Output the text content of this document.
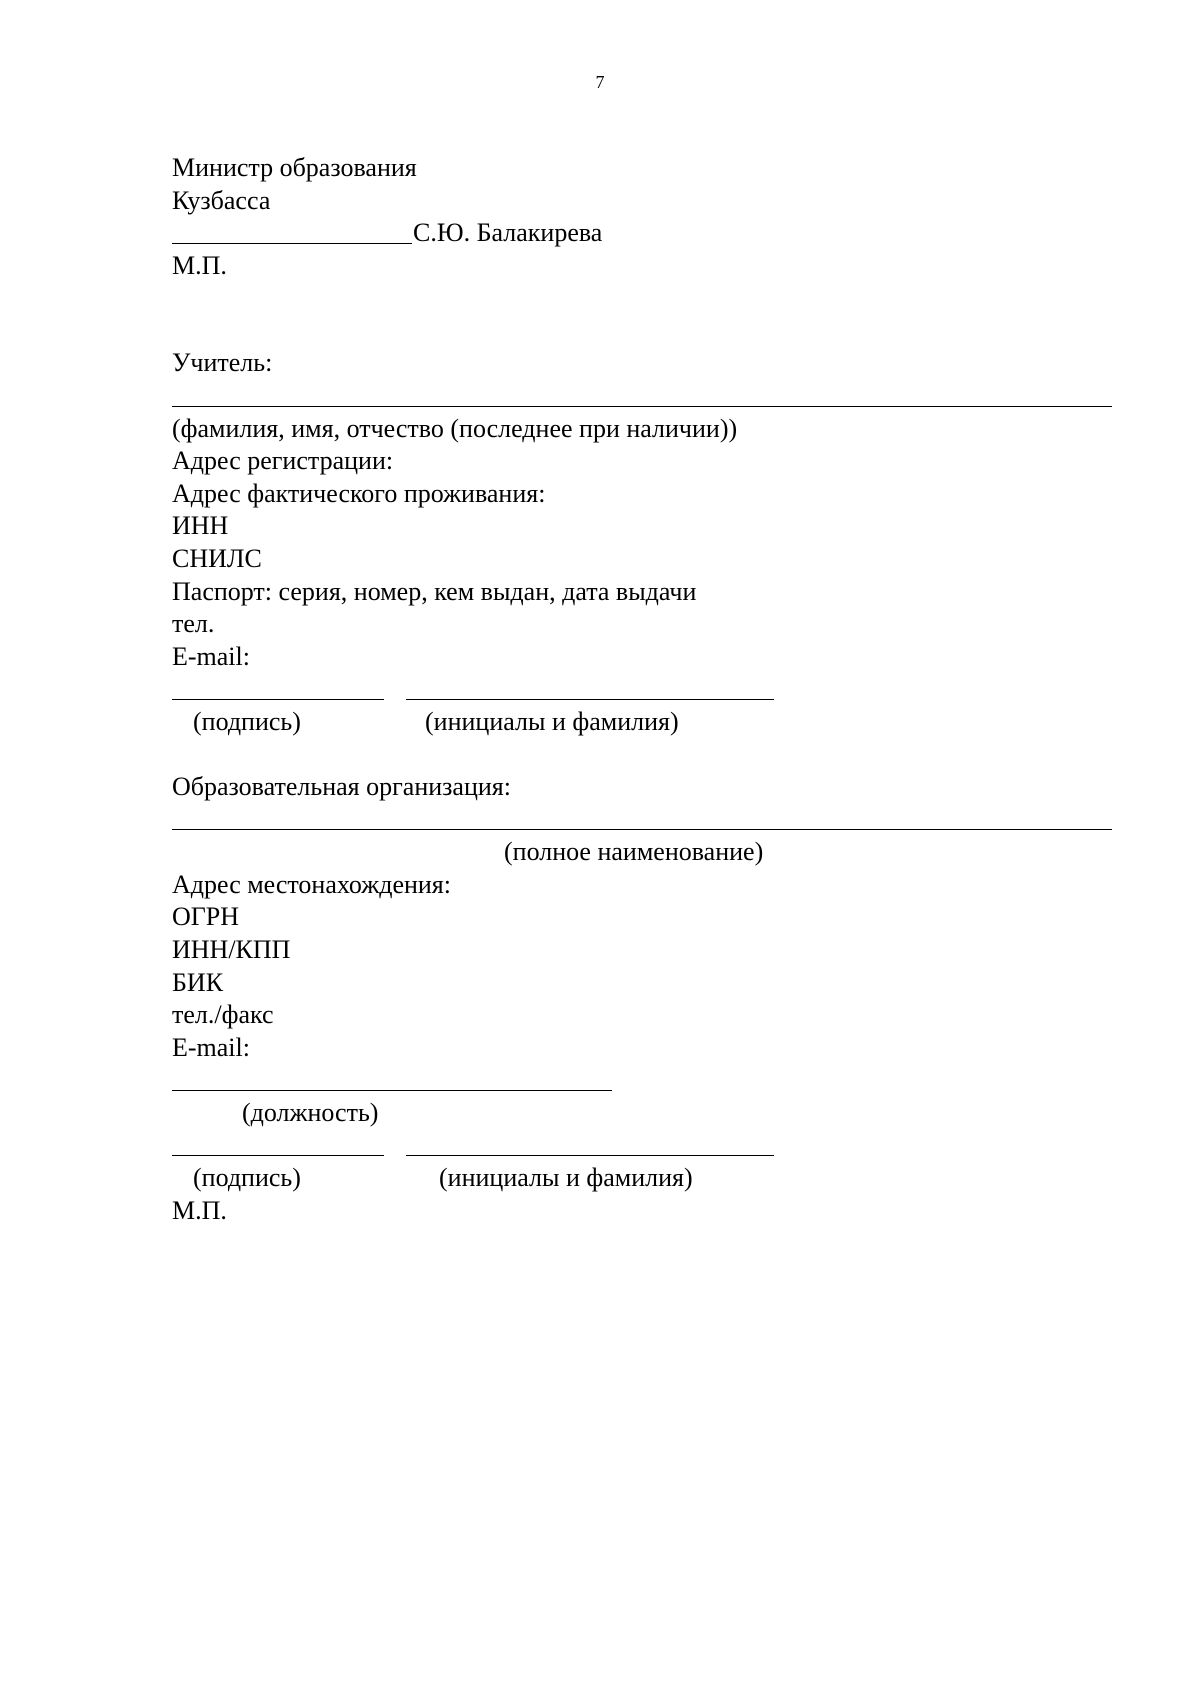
7
Министр образования
Кузбасса
С.Ю. Балакирева
М.П.
Учитель:
(фамилия, имя, отчество (последнее при наличии))
Адрес регистрации:
Адрес фактического проживания:
ИНН
СНИЛС
Паспорт: серия, номер, кем выдан, дата выдачи
тел.
E-mail:
(подпись)	(инициалы и фамилия)
Образовательная организация:
(полное наименование)
Адрес местонахождения:
ОГРН
ИНН/КПП
БИК
тел./факс
E-mail:
(должность)
(подпись)	(инициалы и фамилия)
М.П.
